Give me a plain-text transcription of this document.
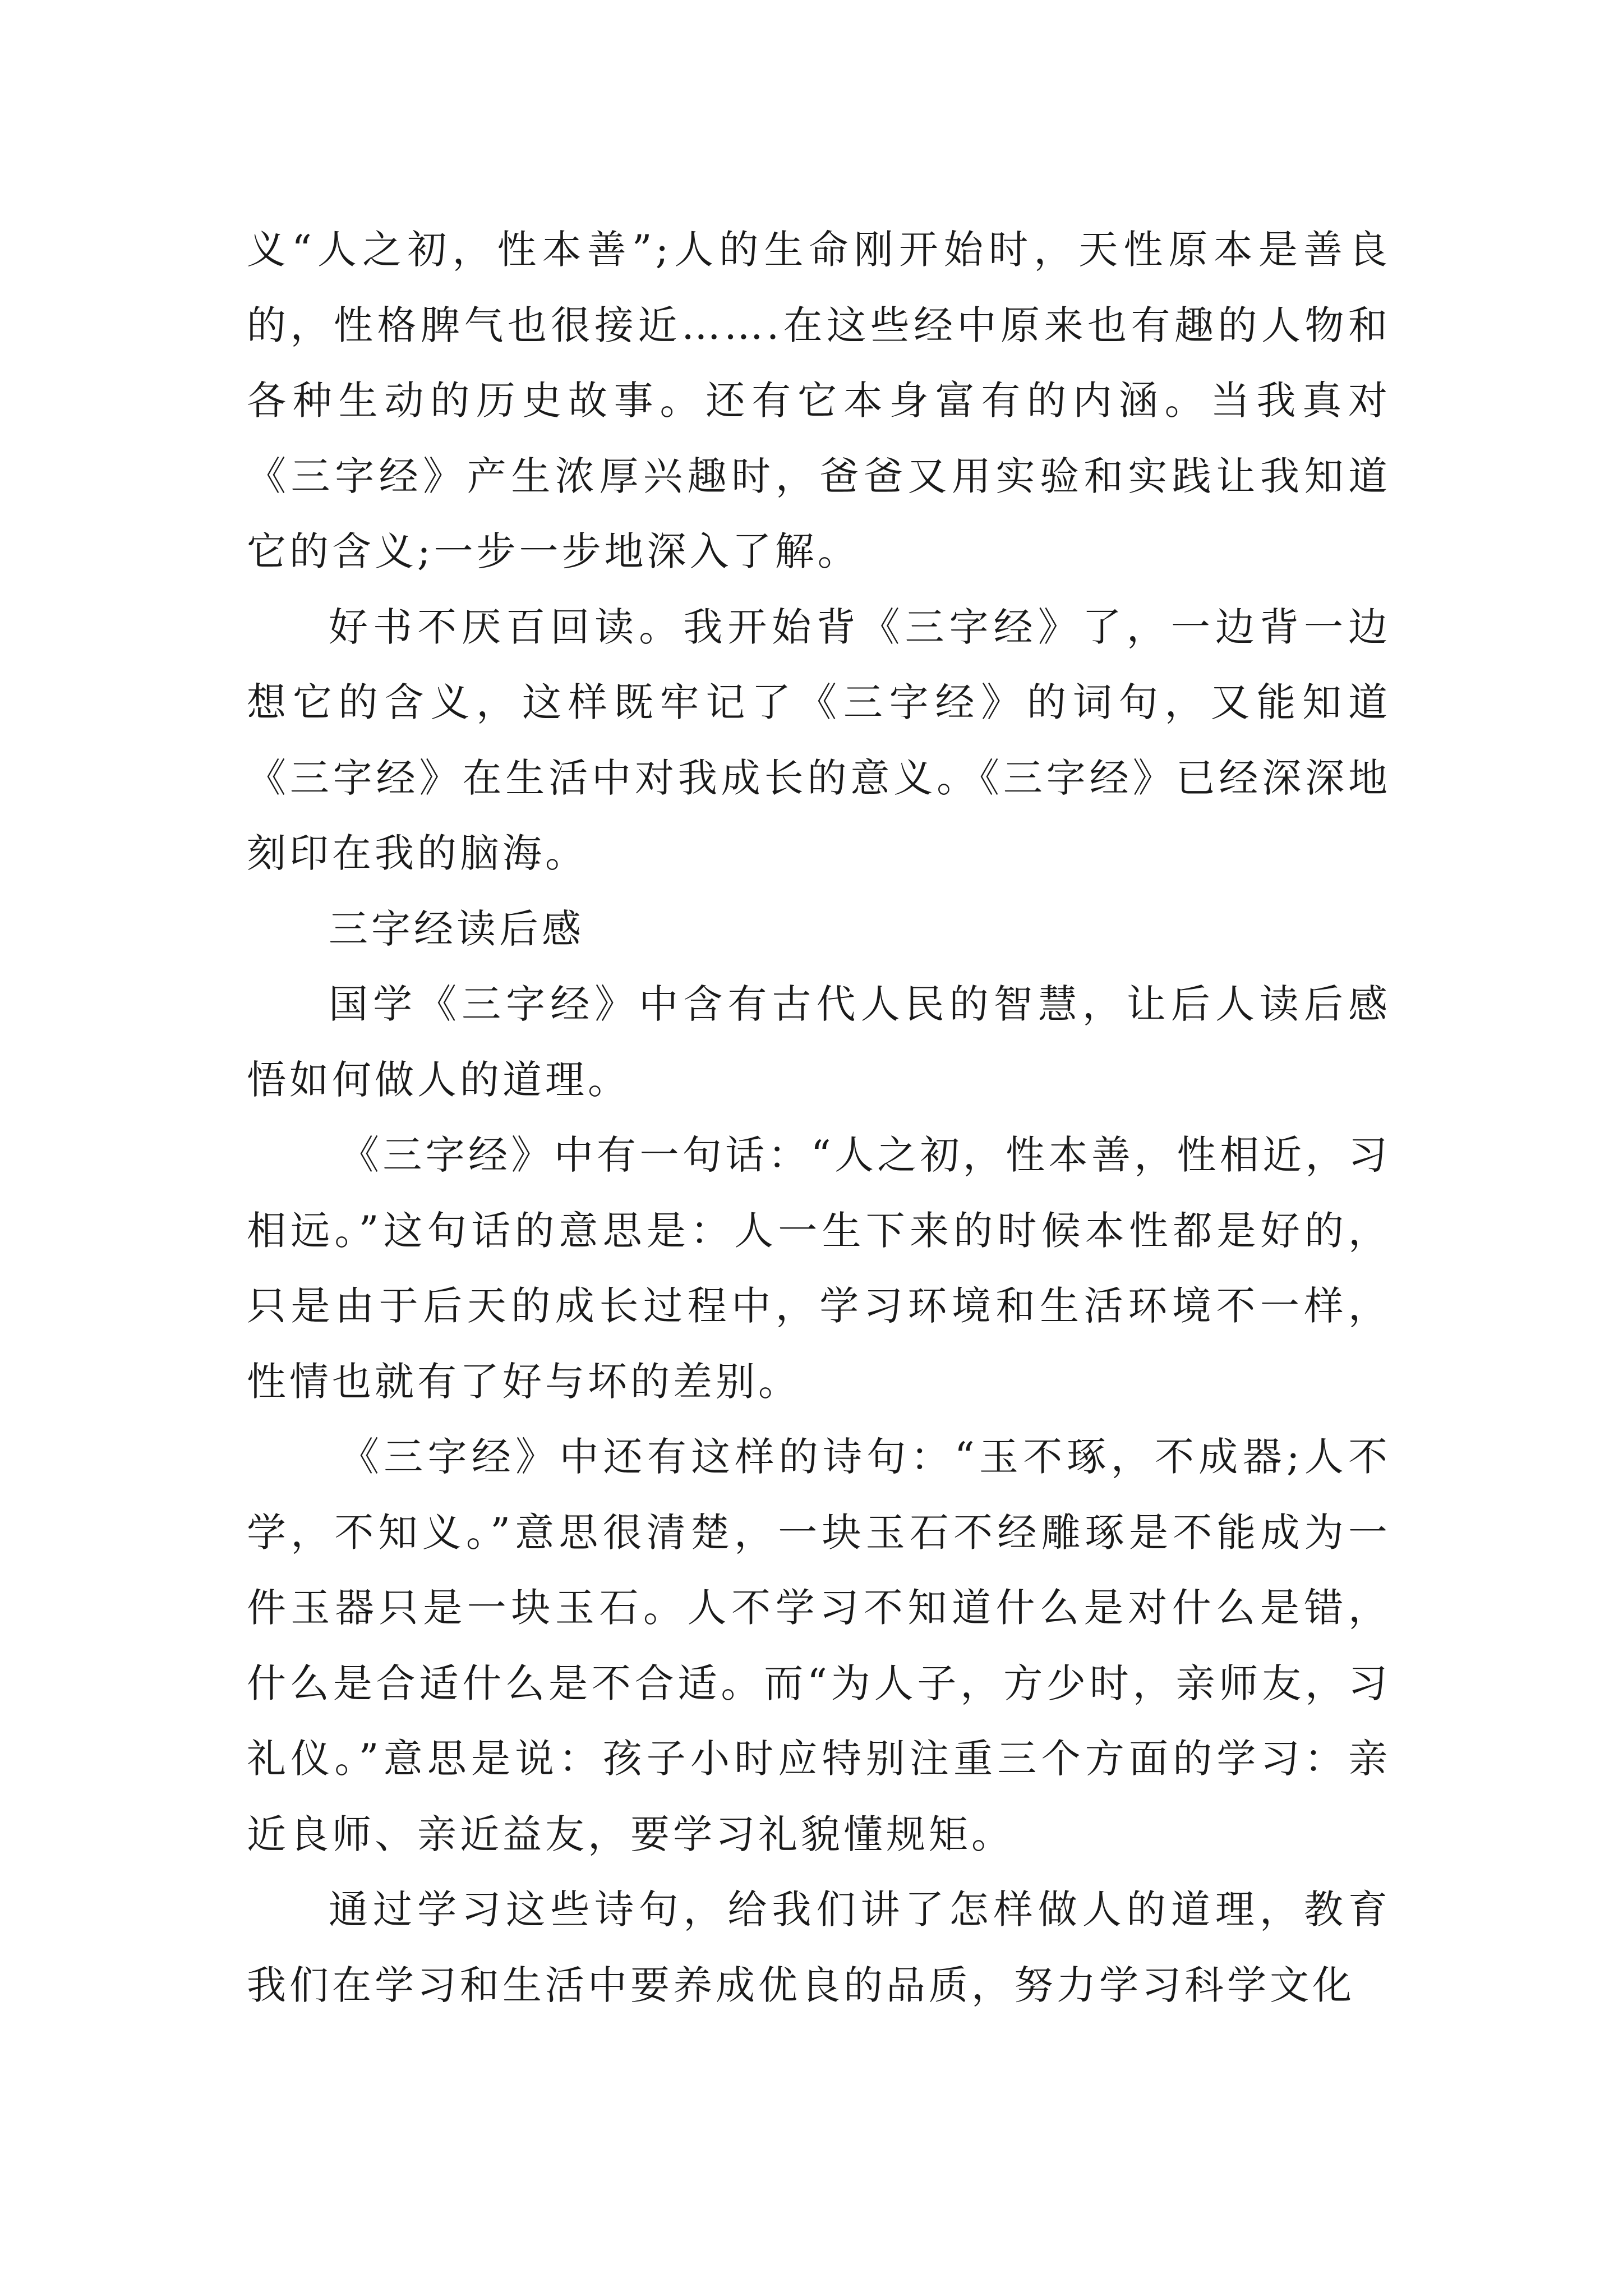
义“人之初，性本善”;人的生命刚开始时，天性原本是善良的，性格脾气也很接近…….在这些经中原来也有趣的人物和各种生动的历史故事。还有它本身富有的内涵。当我真对《三字经》产生浓厚兴趣时，爸爸又用实验和实践让我知道它的含义;一步一步地深入了解。

好书不厌百回读。我开始背《三字经》了，一边背一边想它的含义，这样既牢记了《三字经》的词句，又能知道《三字经》在生活中对我成长的意义。《三字经》已经深深地刻印在我的脑海。

三字经读后感

国学《三字经》中含有古代人民的智慧，让后人读后感悟如何做人的道理。

《三字经》中有一句话：“人之初，性本善，性相近，习相远。”这句话的意思是：人一生下来的时候本性都是好的，只是由于后天的成长过程中，学习环境和生活环境不一样，性情也就有了好与坏的差别。

《三字经》中还有这样的诗句：“玉不琢，不成器;人不学，不知义。”意思很清楚，一块玉石不经雕琢是不能成为一件玉器只是一块玉石。人不学习不知道什么是对什么是错，什么是合适什么是不合适。而“为人子，方少时，亲师友，习礼仪。”意思是说：孩子小时应特别注重三个方面的学习：亲近良师、亲近益友，要学习礼貌懂规矩。

通过学习这些诗句，给我们讲了怎样做人的道理，教育我们在学习和生活中要养成优良的品质，努力学习科学文化
